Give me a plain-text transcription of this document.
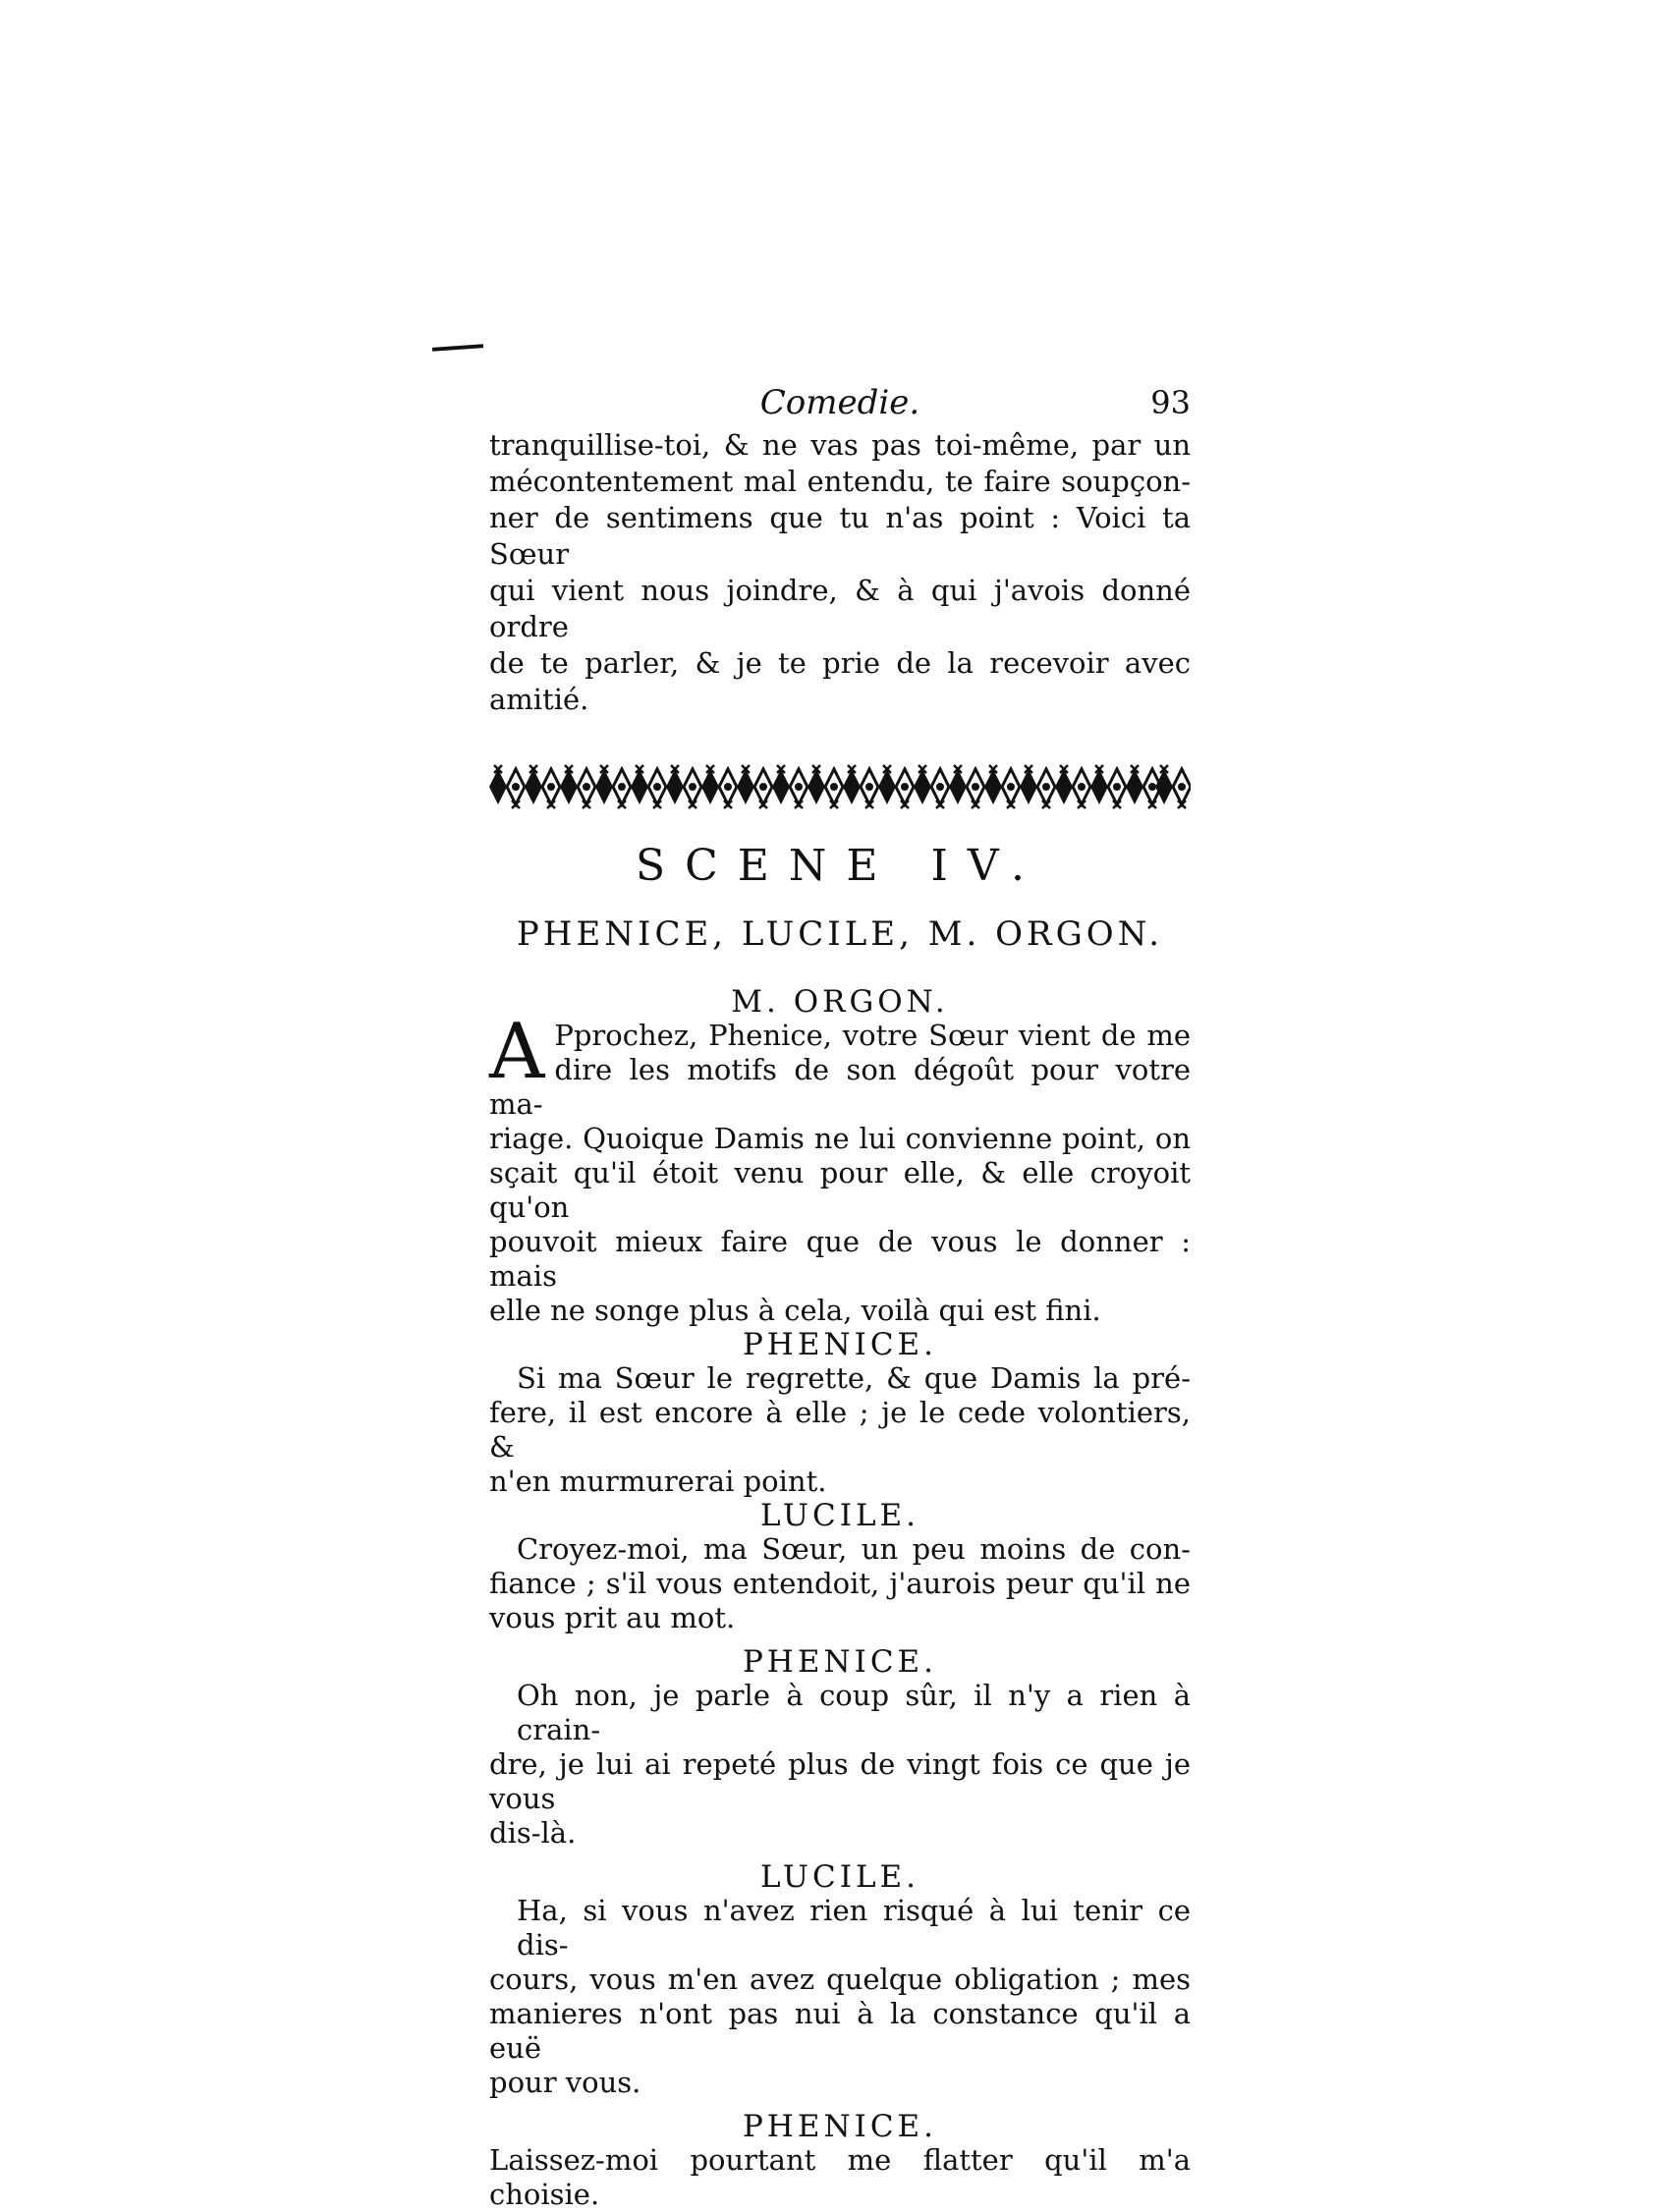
Comedie.	93

tranquillise-toi, & ne vas pas toi-même, par un

mécontentement mal entendu, te faire soupçon-

ner de sentimens que tu n'as point : Voici ta Sœur

qui vient nous joindre, & à qui j'avois donné ordre

de te parler, & je te prie de la recevoir avec amitié.

SCENE IV.
PHENICE, LUCILE, M. ORGON.
M. ORGON.
A Pprochez, Phenice, votre Sœur vient de me
dire les motifs de son dégoût pour votre ma-
riage. Quoique Damis ne lui convienne point, on
sçait qu'il étoit venu pour elle, & elle croyoit qu'on
pouvoit mieux faire que de vous le donner : mais
elle ne songe plus à cela, voilà qui est fini.
PHENICE.
Si ma Sœur le regrette, & que Damis la pré-
fere, il est encore à elle ; je le cede volontiers, &
n'en murmurerai point.
LUCILE.
Croyez-moi, ma Sœur, un peu moins de con-
fiance ; s'il vous entendoit, j'aurois peur qu'il ne
vous prit au mot.
PHENICE.
Oh non, je parle à coup sûr, il n'y a rien à crain-
dre, je lui ai repeté plus de vingt fois ce que je vous
dis-là.
LUCILE.
Ha, si vous n'avez rien risqué à lui tenir ce dis-
cours, vous m'en avez quelque obligation ; mes
manieres n'ont pas nui à la constance qu'il a euë
pour vous.
PHENICE.
Laissez-moi pourtant me flatter qu'il m'a choisie.
